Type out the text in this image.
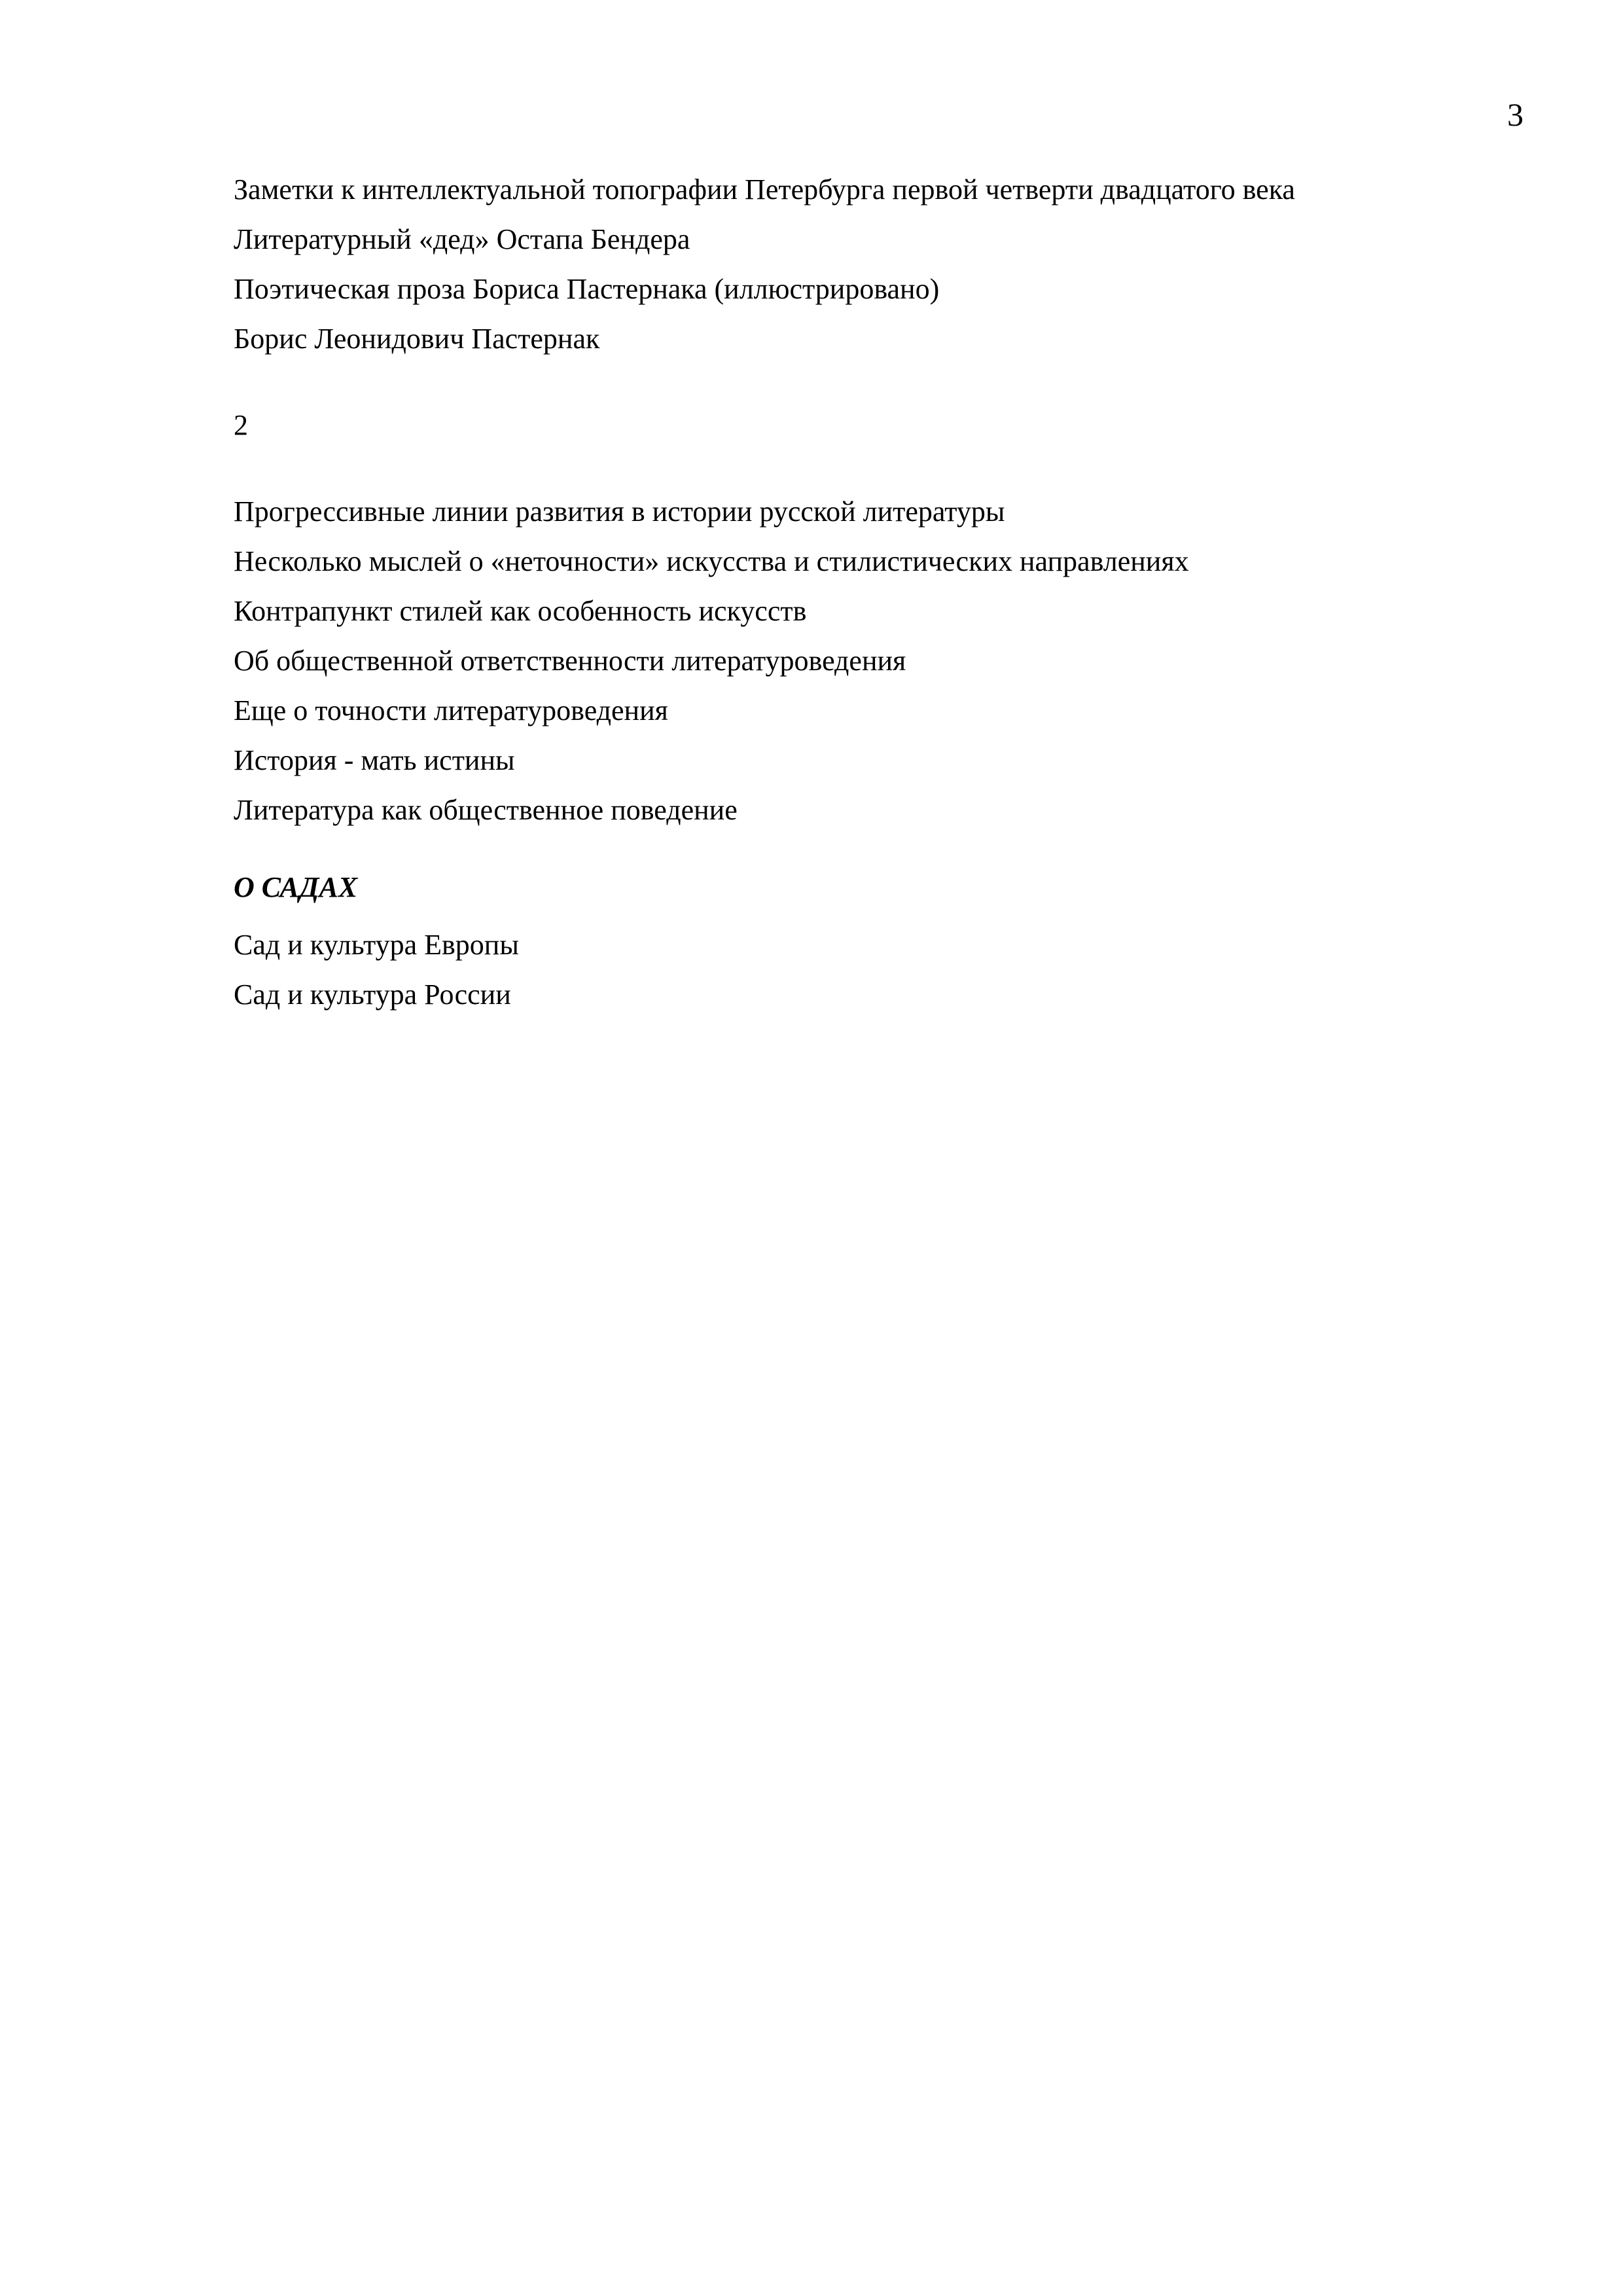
3
Заметки к интеллектуальной топографии Петербурга первой четверти двадцатого века
Литературный «дед» Остапа Бендера
Поэтическая проза Бориса Пастернака (иллюстрировано)
Борис Леонидович Пастернак
2
Прогрессивные линии развития в истории русской литературы
Несколько мыслей о «неточности» искусства и стилистических направлениях
Контрапункт стилей как особенность искусств
Об общественной ответственности литературоведения
Еще о точности литературоведения
История - мать истины
Литература как общественное поведение
О САДАХ
Сад и культура Европы
Сад и культура России
